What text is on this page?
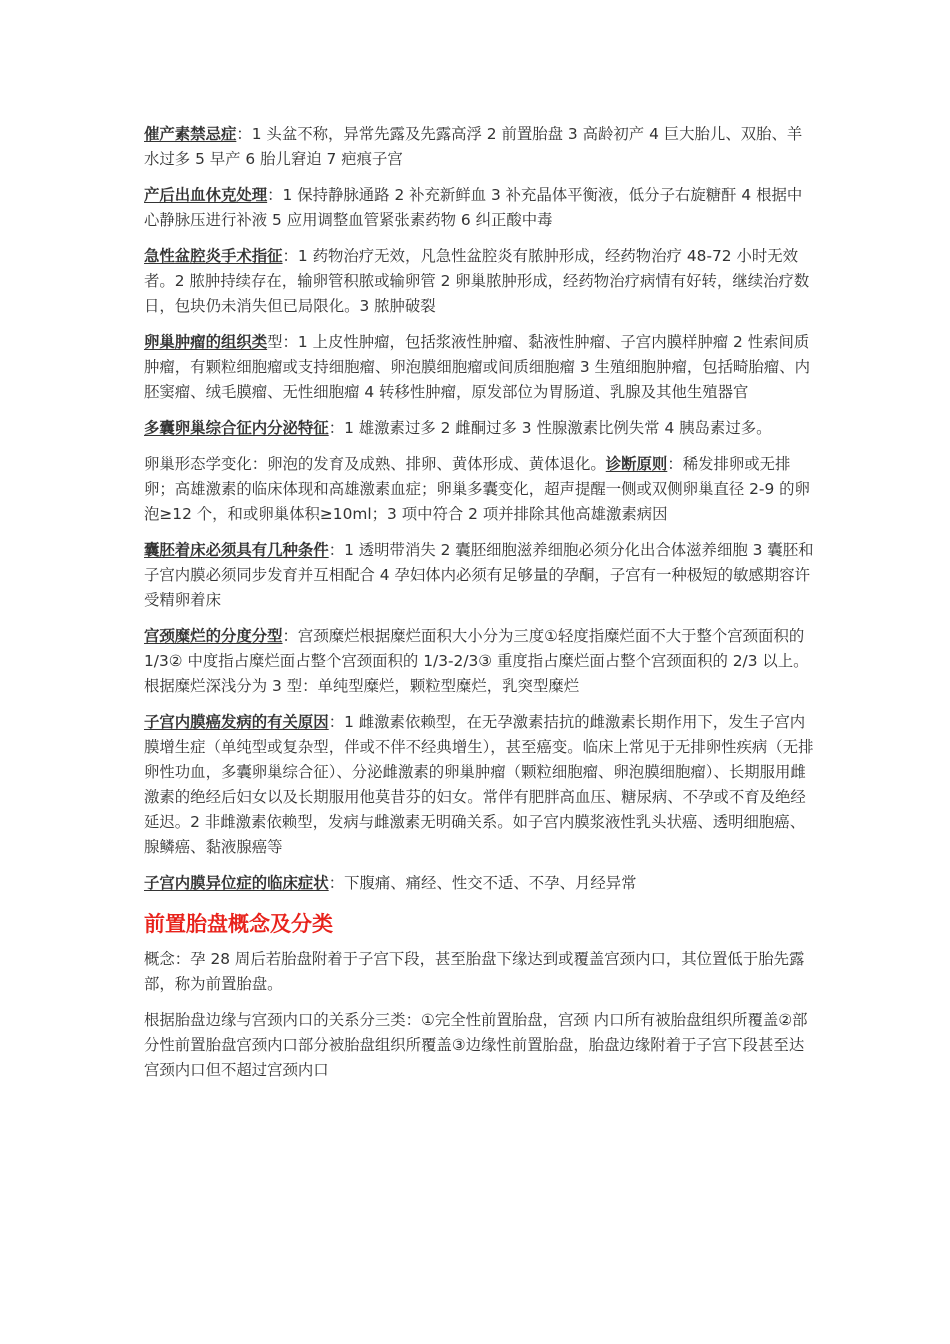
催产素禁忌症：1 头盆不称，异常先露及先露高浮 2 前置胎盘 3 高龄初产 4 巨大胎儿、双胎、羊水过多 5 早产 6 胎儿窘迫 7 疤痕子宫

产后出血休克处理：1 保持静脉通路 2 补充新鲜血 3 补充晶体平衡液，低分子右旋糖酐 4 根据中心静脉压进行补液 5 应用调整血管紧张素药物 6 纠正酸中毒

急性盆腔炎手术指征：1 药物治疗无效，凡急性盆腔炎有脓肿形成，经药物治疗 48-72 小时无效者。2 脓肿持续存在，输卵管积脓或输卵管 2 卵巢脓肿形成，经药物治疗病情有好转，继续治疗数日，包块仍未消失但已局限化。3 脓肿破裂

卵巢肿瘤的组织类型：1 上皮性肿瘤，包括浆液性肿瘤、黏液性肿瘤、子宫内膜样肿瘤 2 性索间质肿瘤，有颗粒细胞瘤或支持细胞瘤、卵泡膜细胞瘤或间质细胞瘤 3 生殖细胞肿瘤，包括畸胎瘤、内胚窦瘤、绒毛膜瘤、无性细胞瘤 4 转移性肿瘤，原发部位为胃肠道、乳腺及其他生殖器官

多囊卵巢综合征内分泌特征：1 雄激素过多 2 雌酮过多 3 性腺激素比例失常 4 胰岛素过多。

卵巢形态学变化：卵泡的发育及成熟、排卵、黄体形成、黄体退化。诊断原则：稀发排卵或无排卵；高雄激素的临床体现和高雄激素血症；卵巢多囊变化，超声提醒一侧或双侧卵巢直径 2-9 的卵泡≥12 个，和或卵巢体积≥10ml；3 项中符合 2 项并排除其他高雄激素病因

囊胚着床必须具有几种条件：1 透明带消失 2 囊胚细胞滋养细胞必须分化出合体滋养细胞 3 囊胚和子宫内膜必须同步发育并互相配合 4 孕妇体内必须有足够量的孕酮，子宫有一种极短的敏感期容许受精卵着床

宫颈糜烂的分度分型：宫颈糜烂根据糜烂面积大小分为三度①轻度指糜烂面不大于整个宫颈面积的 1/3② 中度指占糜烂面占整个宫颈面积的 1/3-2/3③ 重度指占糜烂面占整个宫颈面积的 2/3 以上。根据糜烂深浅分为 3 型：单纯型糜烂，颗粒型糜烂，乳突型糜烂

子宫内膜癌发病的有关原因：1 雌激素依赖型，在无孕激素拮抗的雌激素长期作用下，发生子宫内膜增生症（单纯型或复杂型，伴或不伴不经典增生），甚至癌变。临床上常见于无排卵性疾病（无排卵性功血，多囊卵巢综合征）、分泌雌激素的卵巢肿瘤（颗粒细胞瘤、卵泡膜细胞瘤）、长期服用雌激素的绝经后妇女以及长期服用他莫昔芬的妇女。常伴有肥胖高血压、糖尿病、不孕或不育及绝经延迟。2 非雌激素依赖型，发病与雌激素无明确关系。如子宫内膜浆液性乳头状癌、透明细胞癌、腺鳞癌、黏液腺癌等

子宫内膜异位症的临床症状：下腹痛、痛经、性交不适、不孕、月经异常

前置胎盘概念及分类

概念：孕 28 周后若胎盘附着于子宫下段，甚至胎盘下缘达到或覆盖宫颈内口，其位置低于胎先露部，称为前置胎盘。

根据胎盘边缘与宫颈内口的关系分三类：①完全性前置胎盘，宫颈 内口所有被胎盘组织所覆盖②部分性前置胎盘宫颈内口部分被胎盘组织所覆盖③边缘性前置胎盘，胎盘边缘附着于子宫下段甚至达宫颈内口但不超过宫颈内口
